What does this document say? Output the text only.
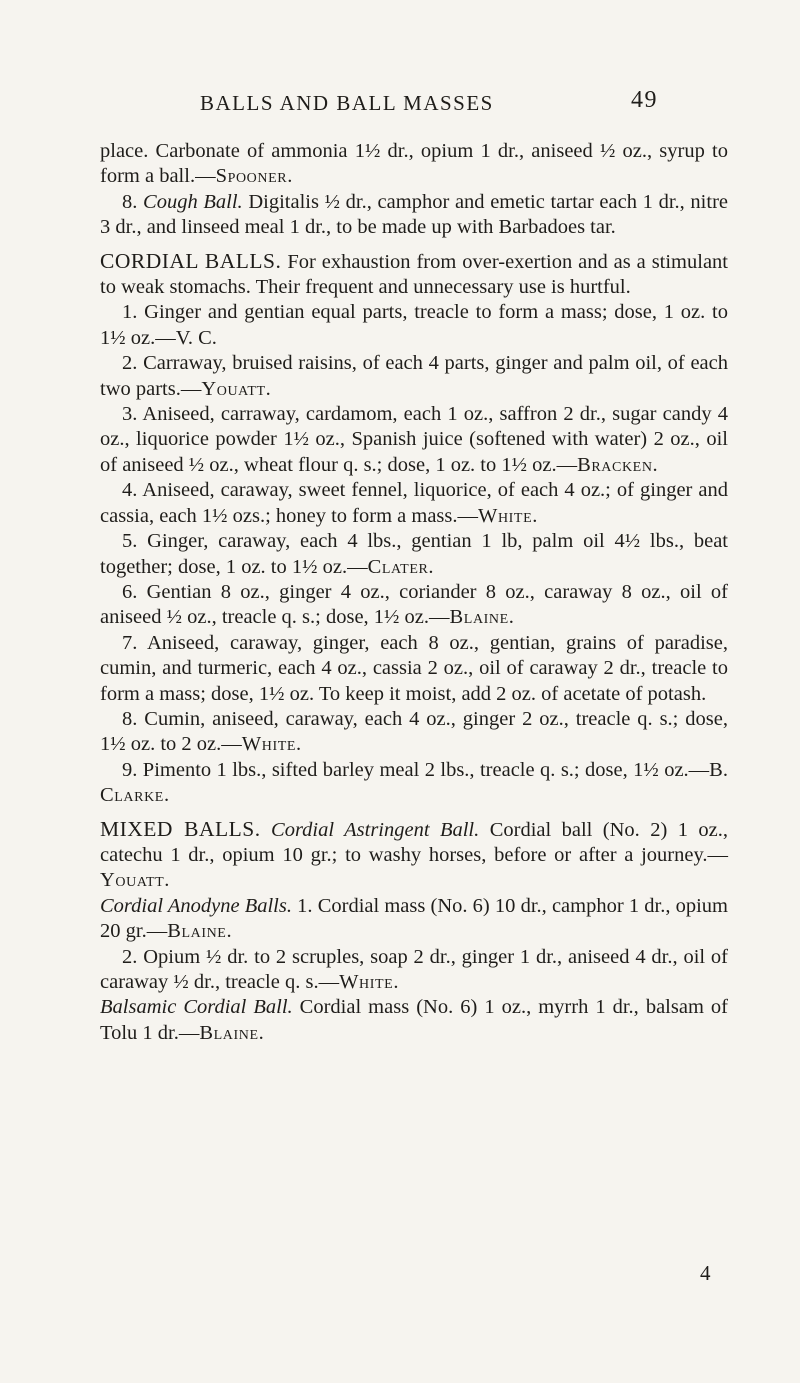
BALLS AND BALL MASSES	49

place. Carbonate of ammonia 1½ dr., opium 1 dr., aniseed ½ oz., syrup to form a ball.—Spooner.

8. Cough Ball. Digitalis ½ dr., camphor and emetic tartar each 1 dr., nitre 3 dr., and linseed meal 1 dr., to be made up with Barbadoes tar.

CORDIAL BALLS. For exhaustion from over-exertion and as a stimulant to weak stomachs. Their frequent and unnecessary use is hurtful.

1. Ginger and gentian equal parts, treacle to form a mass; dose, 1 oz. to 1½ oz.—V. C.

2. Carraway, bruised raisins, of each 4 parts, ginger and palm oil, of each two parts.—Youatt.

3. Aniseed, carraway, cardamom, each 1 oz., saffron 2 dr., sugar candy 4 oz., liquorice powder 1½ oz., Spanish juice (softened with water) 2 oz., oil of aniseed ½ oz., wheat flour q. s.; dose, 1 oz. to 1½ oz.—Bracken.

4. Aniseed, caraway, sweet fennel, liquorice, of each 4 oz.; of ginger and cassia, each 1½ ozs.; honey to form a mass.—White.

5. Ginger, caraway, each 4 lbs., gentian 1 lb, palm oil 4½ lbs., beat together; dose, 1 oz. to 1½ oz.—Clater.

6. Gentian 8 oz., ginger 4 oz., coriander 8 oz., caraway 8 oz., oil of aniseed ½ oz., treacle q. s.; dose, 1½ oz.—Blaine.

7. Aniseed, caraway, ginger, each 8 oz., gentian, grains of paradise, cumin, and turmeric, each 4 oz., cassia 2 oz., oil of caraway 2 dr., treacle to form a mass; dose, 1½ oz. To keep it moist, add 2 oz. of acetate of potash.

8. Cumin, aniseed, caraway, each 4 oz., ginger 2 oz., treacle q. s.; dose, 1½ oz. to 2 oz.—White.

9. Pimento 1 lbs., sifted barley meal 2 lbs., treacle q. s.; dose, 1½ oz.—B. Clarke.

MIXED BALLS. Cordial Astringent Ball. Cordial ball (No. 2) 1 oz., catechu 1 dr., opium 10 gr.; to washy horses, before or after a journey.—Youatt.

Cordial Anodyne Balls. 1. Cordial mass (No. 6) 10 dr., camphor 1 dr., opium 20 gr.—Blaine.

2. Opium ½ dr. to 2 scruples, soap 2 dr., ginger 1 dr., aniseed 4 dr., oil of caraway ½ dr., treacle q. s.—White.

Balsamic Cordial Ball. Cordial mass (No. 6) 1 oz., myrrh 1 dr., balsam of Tolu 1 dr.—Blaine.

4
